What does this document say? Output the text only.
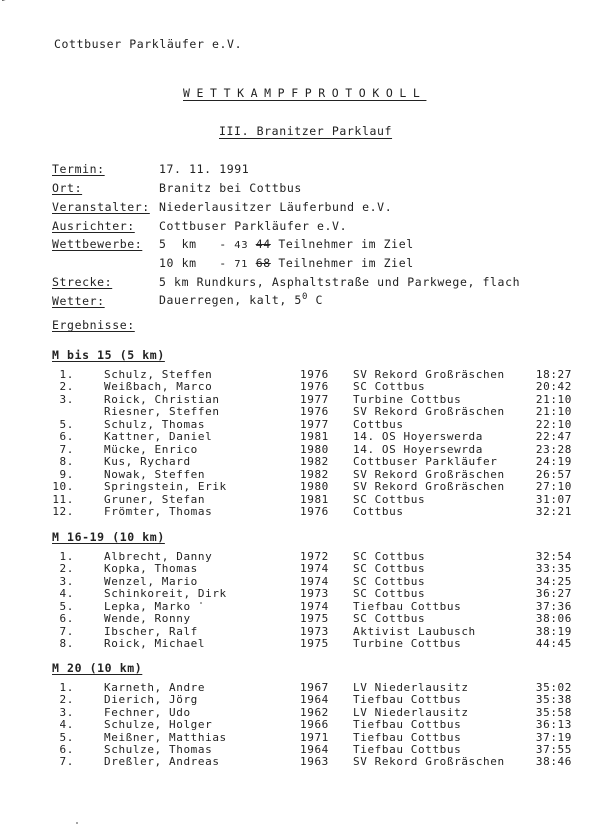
Cottbuser Parkläufer e.V.
WETTKAMPFPROTOKOLL
III. Branitzer Parklauf
Termin:	17. 11. 1991
Ort:	Branitz bei Cottbus
Veranstalter: Niederlausitzer Läuferbund e.V.
Ausrichter: Cottbuser Parkläufer e.V.
Wettbewerbe: 5  km   - 43 44 Teilnehmer im Ziel
10 km   - 71 68 Teilnehmer im Ziel
Strecke:	5 km Rundkurs, Asphaltstraße und Parkwege, flach
Wetter:	Dauerregen, kalt, $5^0$ C
Ergebnisse:
M bis 15 (5 km)
M 16-19 (10 km)
M 20 (10 km)
1.	Schulz, Steffen	1976 SV Rekord Großräschen	18:27
2.	Weißbach, Marco	1976 SC Cottbus	20:42
3.	Roick, Christian	1977 Turbine Cottbus	21:10
Riesner, Steffen	1976 SV Rekord Großräschen	21:10
5.	Schulz, Thomas	1977 Cottbus	22:10
6.	Kattner, Daniel	1981 14. OS Hoyerswerda	22:47
7.	Mücke, Enrico	1980 14. OS Hoyersewrda	23:28
8.	Kus, Rychard	1982 Cottbuser Parkläufer	24:19
9.	Nowak, Steffen	1982 SV Rekord Großräschen	26:57
10.	Springstein, Erik	1980 SV Rekord Großräschen	27:10
11.	Gruner, Stefan	1981 SC Cottbus	31:07
12.	Frömter, Thomas	1976 Cottbus	32:21
1.	Albrecht, Danny	1972 SC Cottbus	32:54
2.	Kopka, Thomas	1974 SC Cottbus	33:35
3.	Wenzel, Mario	1974 SC Cottbus	34:25
4.	Schinkoreit, Dirk	1973 SC Cottbus	36:27
5.	Lepka, Marko	1974 Tiefbau Cottbus	37:36
6.	Wende, Ronny	1975 SC Cottbus	38:06
7.	Ibscher, Ralf	1973 Aktivist Laubusch	38:19
8.	Roick, Michael	1975 Turbine Cottbus	44:45
1.	Karneth, Andre	1967 LV Niederlausitz	35:02
2.	Dierich, Jörg	1964 Tiefbau Cottbus	35:38
3.	Fechner, Udo	1962 LV Niederlausitz	35:58
4.	Schulze, Holger	1966 Tiefbau Cottbus	36:13
5.	Meißner, Matthias	1971 Tiefbau Cottbus	37:19
6.	Schulze, Thomas	1964 Tiefbau Cottbus	37:55
7.	Dreßler, Andreas	1963 SV Rekord Großräschen	38:46
